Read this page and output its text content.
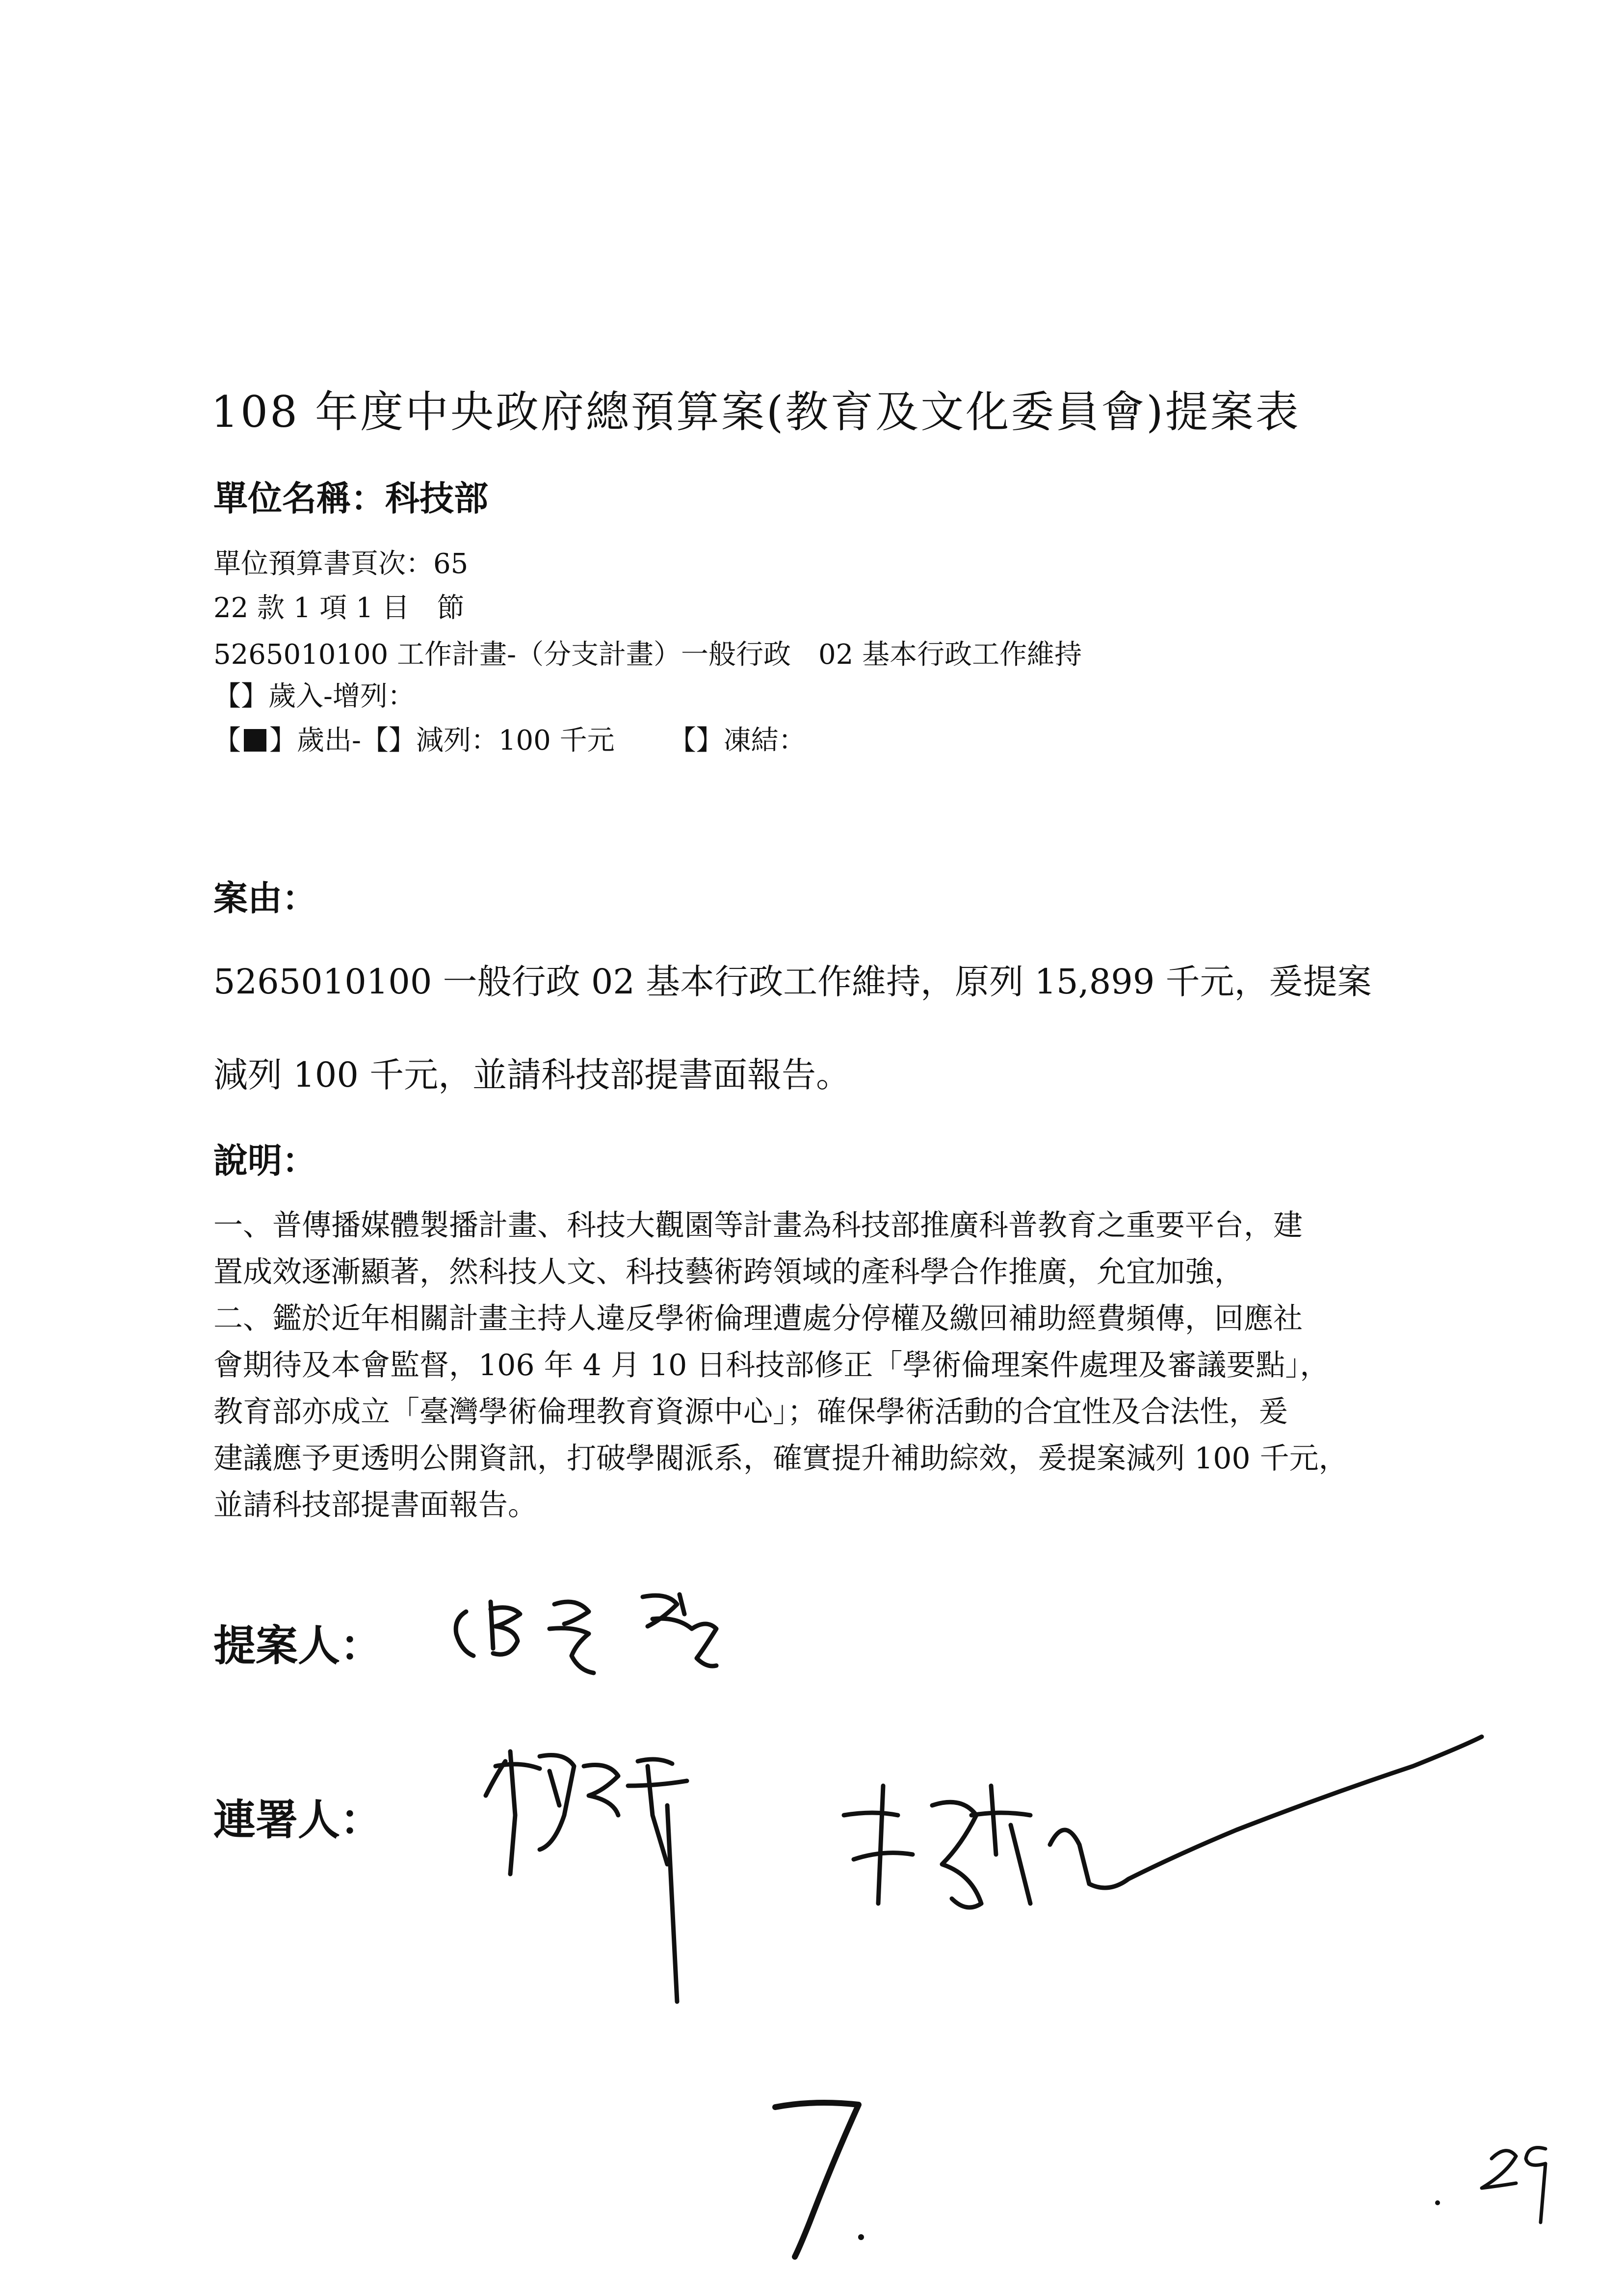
108 年度中央政府總預算案(教育及文化委員會)提案表
單位名稱：科技部
單位預算書頁次：65
22 款 1 項 1 目　節
5265010100 工作計畫-（分支計畫）一般行政　02 基本行政工作維持
【】歲入-增列：
【 】歲出-【】減列：100 千元 【】凍結：
案由：
5265010100 一般行政 02 基本行政工作維持，原列 15,899 千元，爰提案
減列 100 千元，並請科技部提書面報告。
說明：
一、普傳播媒體製播計畫、科技大觀園等計畫為科技部推廣科普教育之重要平台，建
置成效逐漸顯著，然科技人文、科技藝術跨領域的產科學合作推廣，允宜加強，
二、鑑於近年相關計畫主持人違反學術倫理遭處分停權及繳回補助經費頻傳，回應社
會期待及本會監督，106 年 4 月 10 日科技部修正「學術倫理案件處理及審議要點」，
教育部亦成立「臺灣學術倫理教育資源中心」；確保學術活動的合宜性及合法性，爰
建議應予更透明公開資訊，打破學閥派系，確實提升補助綜效，爰提案減列 100 千元，
並請科技部提書面報告。
提案人：
連署人：
